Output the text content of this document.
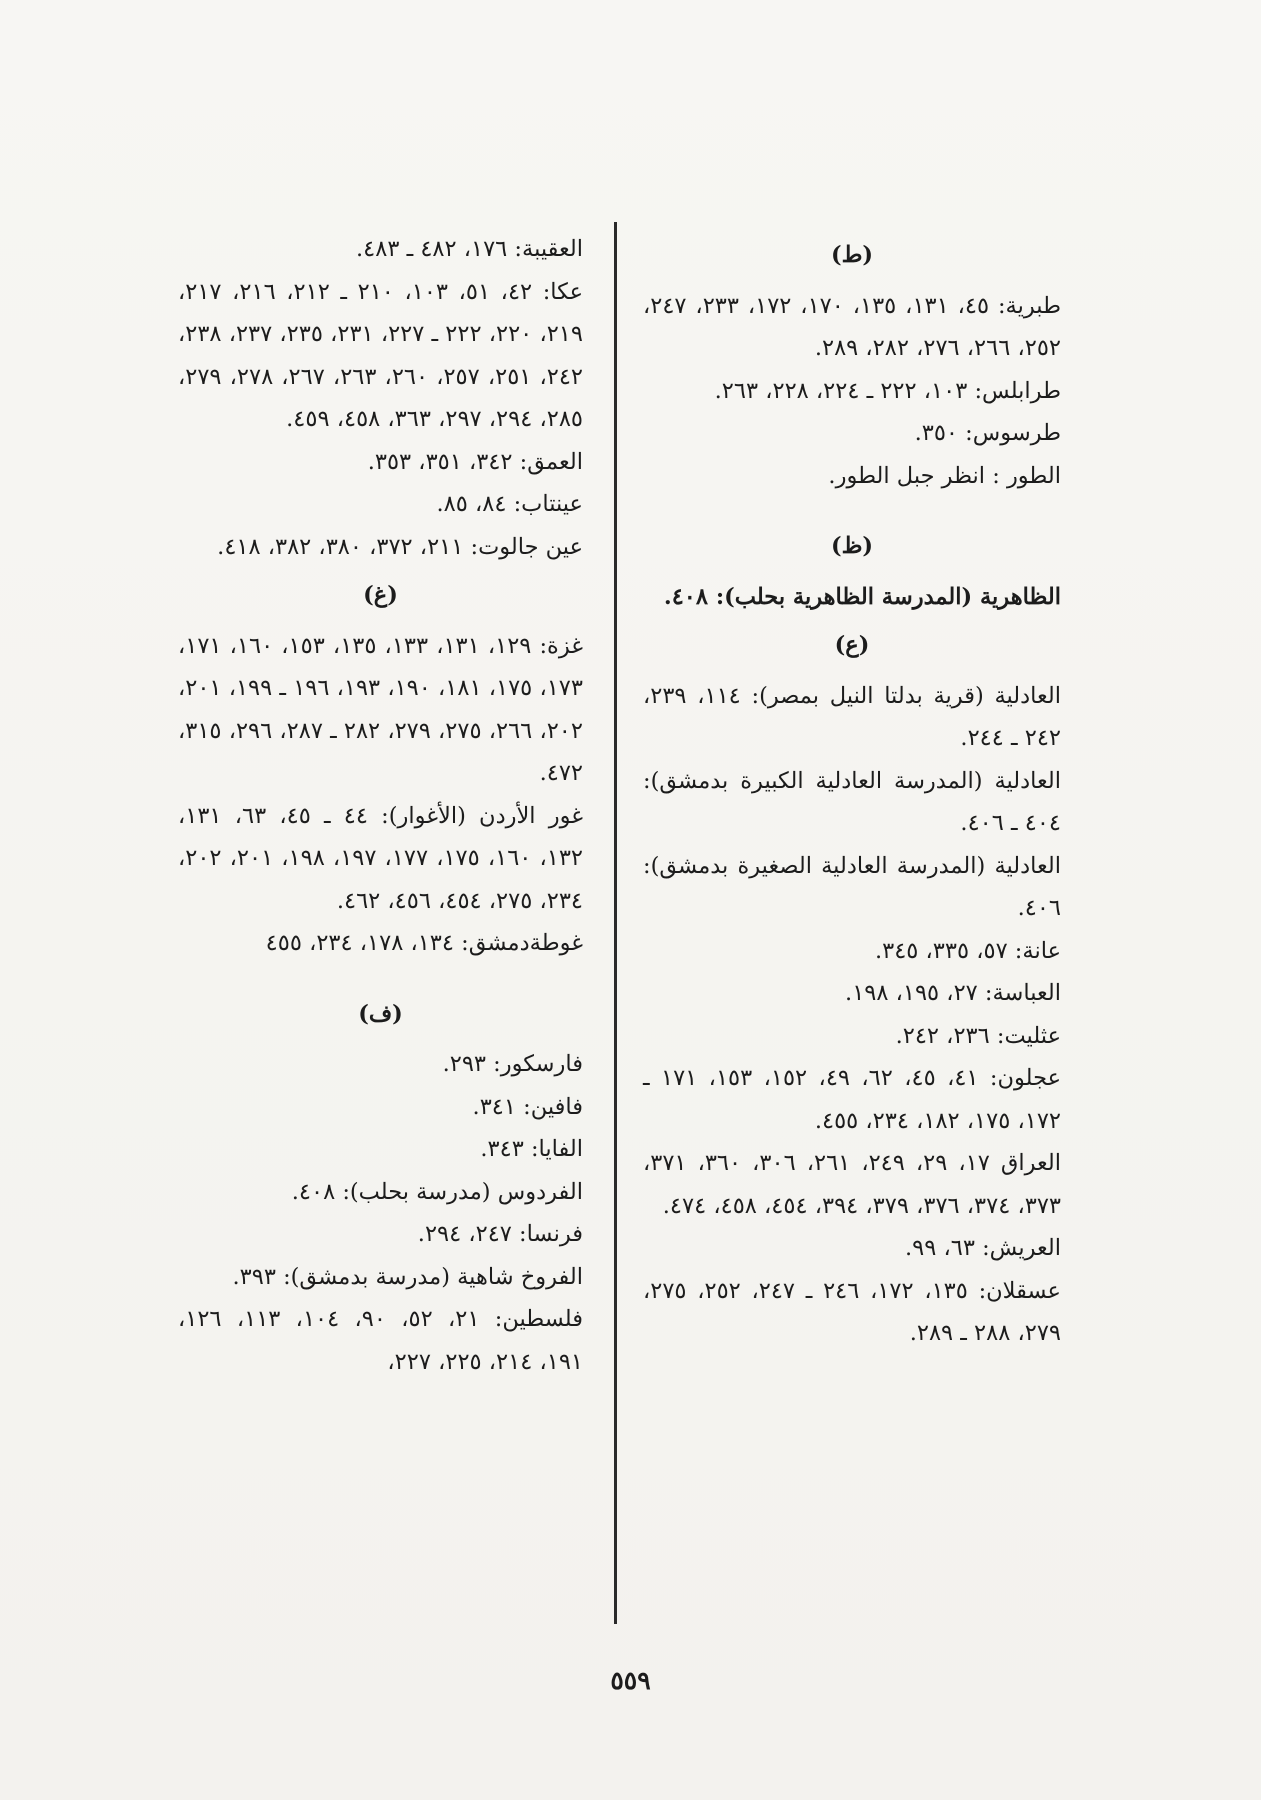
(ط)

طبرية: ٤٥، ١٣١، ١٣٥، ١٧٠، ١٧٢، ٢٣٣، ٢٤٧، ٢٥٢، ٢٦٦، ٢٧٦، ٢٨٢، ٢٨٩.

طرابلس: ١٠٣، ٢٢٢ ـ ٢٢٤، ٢٢٨، ٢٦٣.

طرسوس: ٣٥٠.

الطور : انظر جبل الطور.

(ظ)

الظاهرية (المدرسة الظاهرية بحلب): ٤٠٨.

(ع)

العادلية (قرية بدلتا النيل بمصر): ١١٤، ٢٣٩، ٢٤٢ ـ ٢٤٤.

العادلية (المدرسة العادلية الكبيرة بدمشق): ٤٠٤ ـ ٤٠٦.

العادلية (المدرسة العادلية الصغيرة بدمشق): ٤٠٦.

عانة: ٥٧، ٣٣٥، ٣٤٥.

العباسة: ٢٧، ١٩٥، ١٩٨.

عثليت: ٢٣٦، ٢٤٢.

عجلون: ٤١، ٤٥، ٦٢، ٤٩، ١٥٢، ١٥٣، ١٧١ ـ ١٧٢، ١٧٥، ١٨٢، ٢٣٤، ٤٥٥.

العراق ١٧، ٢٩، ٢٤٩، ٢٦١، ٣٠٦، ٣٦٠، ٣٧١، ٣٧٣، ٣٧٤، ٣٧٦، ٣٧٩، ٣٩٤، ٤٥٤، ٤٥٨، ٤٧٤.

العريش: ٦٣، ٩٩.

عسقلان: ١٣٥، ١٧٢، ٢٤٦ ـ ٢٤٧، ٢٥٢، ٢٧٥، ٢٧٩، ٢٨٨ ـ ٢٨٩.

العقيبة: ١٧٦، ٤٨٢ ـ ٤٨٣.

عكا: ٤٢، ٥١، ١٠٣، ٢١٠ ـ ٢١٢، ٢١٦، ٢١٧، ٢١٩، ٢٢٠، ٢٢٢ ـ ٢٢٧، ٢٣١، ٢٣٥، ٢٣٧، ٢٣٨، ٢٤٢، ٢٥١، ٢٥٧، ٢٦٠، ٢٦٣، ٢٦٧، ٢٧٨، ٢٧٩، ٢٨٥، ٢٩٤، ٢٩٧، ٣٦٣، ٤٥٨، ٤٥٩.

العمق: ٣٤٢، ٣٥١، ٣٥٣.

عينتاب: ٨٤، ٨٥.

عين جالوت: ٢١١، ٣٧٢، ٣٨٠، ٣٨٢، ٤١٨.

(غ)

غزة: ١٢٩، ١٣١، ١٣٣، ١٣٥، ١٥٣، ١٦٠، ١٧١، ١٧٣، ١٧٥، ١٨١، ١٩٠، ١٩٣، ١٩٦ ـ ١٩٩، ٢٠١، ٢٠٢، ٢٦٦، ٢٧٥، ٢٧٩، ٢٨٢ ـ ٢٨٧، ٢٩٦، ٣١٥، ٤٧٢.

غور الأردن (الأغوار): ٤٤ ـ ٤٥، ٦٣، ١٣١، ١٣٢، ١٦٠، ١٧٥، ١٧٧، ١٩٧، ١٩٨، ٢٠١، ٢٠٢، ٢٣٤، ٢٧٥، ٤٥٤، ٤٥٦، ٤٦٢.

غوطةدمشق: ١٣٤، ١٧٨، ٢٣٤، ٤٥٥

(ف)

فارسكور: ٢٩٣.

فافين: ٣٤١.

الفايا: ٣٤٣.

الفردوس (مدرسة بحلب): ٤٠٨.

فرنسا: ٢٤٧، ٢٩٤.

الفروخ شاهية (مدرسة بدمشق): ٣٩٣.

فلسطين: ٢١، ٥٢، ٩٠، ١٠٤، ١١٣، ١٢٦، ١٩١، ٢١٤، ٢٢٥، ٢٢٧،

٥٥٩
